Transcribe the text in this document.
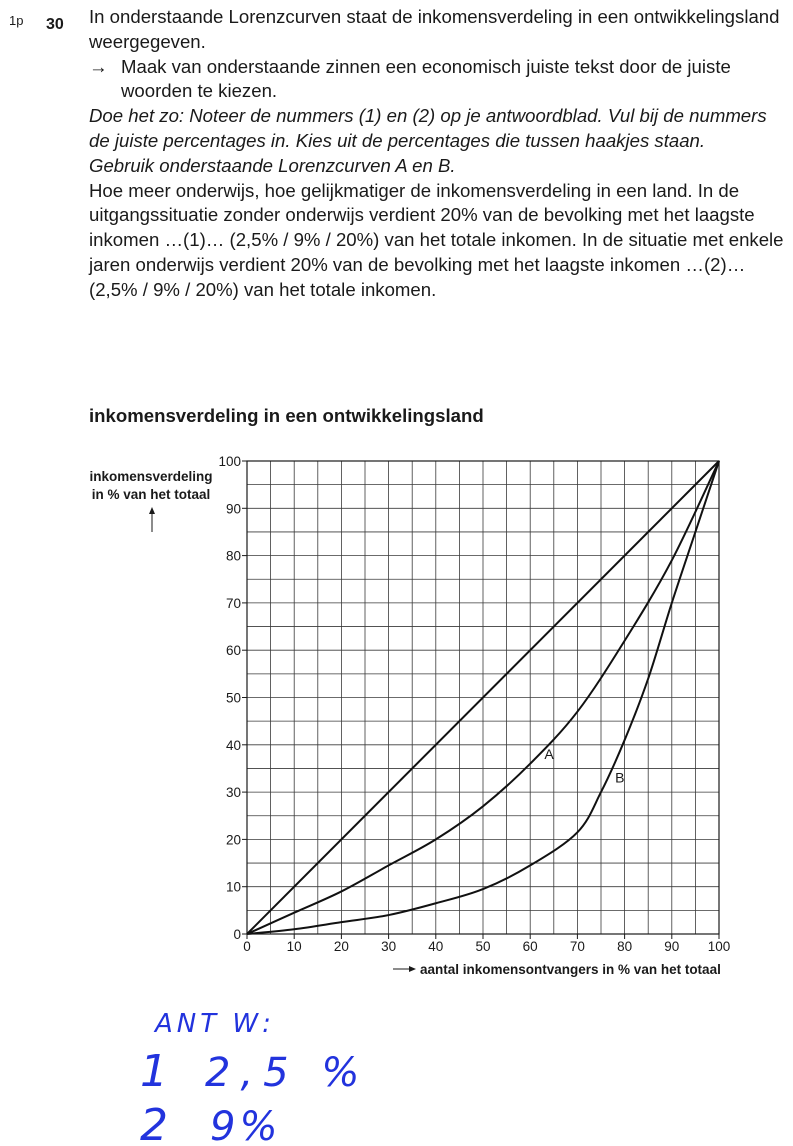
1p 30 In onderstaande Lorenzcurven staat de inkomensverdeling in een ontwikkelingsland weergegeven.

→ Maak van onderstaande zinnen een economisch juiste tekst door de juiste woorden te kiezen.

Doe het zo: Noteer de nummers (1) en (2) op je antwoordblad. Vul bij de nummers de juiste percentages in. Kies uit de percentages die tussen haakjes staan.

Gebruik onderstaande Lorenzcurven A en B.

Hoe meer onderwijs, hoe gelijkmatiger de inkomensverdeling in een land. In de uitgangssituatie zonder onderwijs verdient 20% van de bevolking met het laagste inkomen …(1)… (2,5% / 9% / 20%) van het totale inkomen. In de situatie met enkele jaren onderwijs verdient 20% van de bevolking met het laagste inkomen …(2)… (2,5% / 9% / 20%) van het totale inkomen.

inkomensverdeling in een ontwikkelingsland
0	10 20 30 40 50 60 70 80 90 100
0
10
20
30
40
50
60
70
80
90
100
inkomensverdeling
in % van het totaal
aantal inkomensontvangers in % van het totaal
A
B
ANT W:
1 2,5 %
2 9%
